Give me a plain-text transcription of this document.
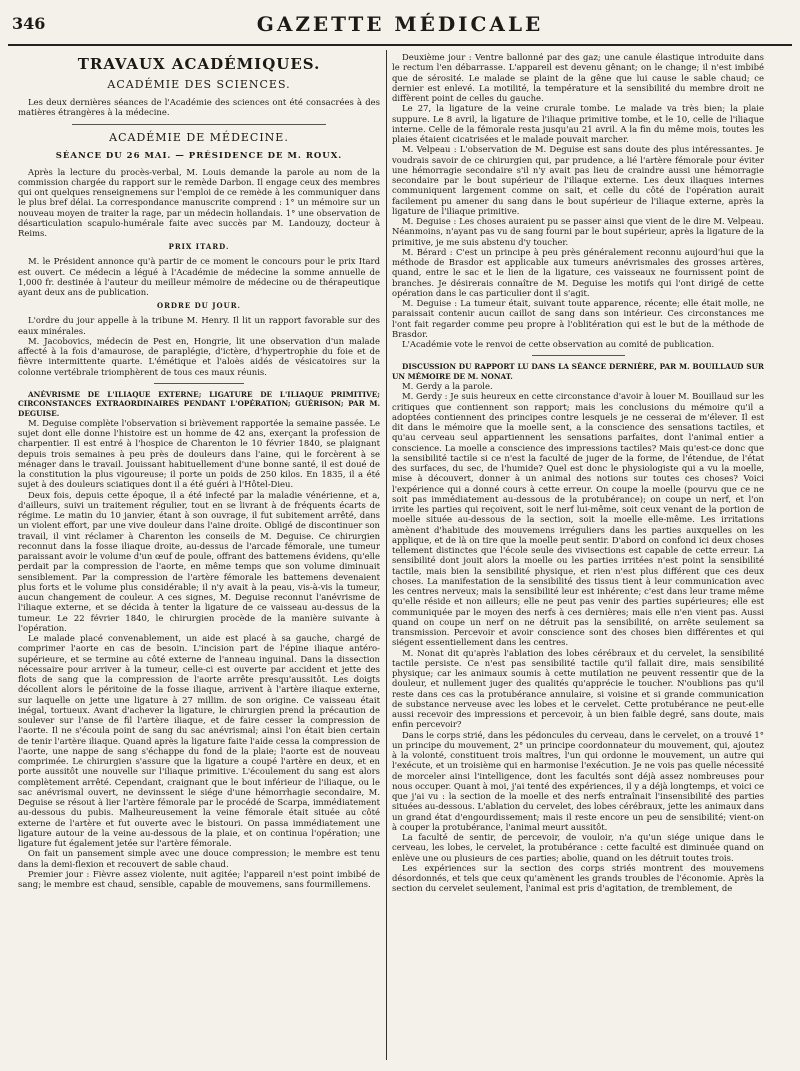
346	GAZETTE MÉDICALE
TRAVAUX ACADÉMIQUES.
ACADÉMIE DES SCIENCES.

Les deux dernières séances de l'Académie des sciences ont été consacrées à des matières étrangères à la médecine.

ACADÉMIE DE MÉDECINE.
SÉANCE DU 26 MAI. — PRÉSIDENCE DE M. ROUX.

Après la lecture du procès-verbal, M. Louis demande la parole au nom de la commission chargée du rapport sur le remède Darbon. Il engage ceux des membres qui ont quelques renseignemens sur l'emploi de ce remède à les communiquer dans le plus bref délai. La correspondance manuscrite comprend : 1° un mémoire sur un nouveau moyen de traiter la rage, par un médecin hollandais. 1° une observation de désarticulation scapulo-humérale faite avec succès par M. Landouzy, docteur à Reims.

PRIX ITARD.

M. le Président annonce qu'à partir de ce moment le concours pour le prix Itard est ouvert. Ce médecin a légué à l'Académie de médecine la somme annuelle de 1,000 fr. destinée à l'auteur du meilleur mémoire de médecine ou de thérapeutique ayant deux ans de publication.

ORDRE DU JOUR.

L'ordre du jour appelle à la tribune M. Henry. Il lit un rapport favorable sur des eaux minérales.

M. Jacobovics, médecin de Pest en, Hongrie, lit une observation d'un malade affecté à la fois d'amaurose, de paraplégie, d'ictère, d'hypertrophie du foie et de fièvre intermittente quarte. L'émétique et l'aloès aidés de vésicatoires sur la colonne vertébrale triomphèrent de tous ces maux réunis.

ANÉVRISME DE L'ILIAQUE EXTERNE; LIGATURE DE L'ILIAQUE PRIMITIVE; CIRCONSTANCES EXTRAORDINAIRES PENDANT L'OPÉRATION; GUÉRISON; PAR M. DEGUISE.

M. Deguise complète l'observation si brièvement rapportée la semaine passée. Le sujet dont elle donne l'histoire est un homme de 42 ans, exerçant la profession de charpentier. Il est entré à l'hospice de Charenton le 10 février 1840, se plaignant depuis trois semaines à peu près de douleurs dans l'aine, qui le forcèrent à se ménager dans le travail. Jouissant habituellement d'une bonne santé, il est doué de la constitution la plus vigoureuse; il porte un poids de 250 kilos. En 1835, il a été sujet à des douleurs sciatiques dont il a été guéri à l'Hôtel-Dieu.

Deux fois, depuis cette époque, il a été infecté par la maladie vénérienne, et a, d'ailleurs, suivi un traitement régulier, tout en se livrant à de fréquents écarts de régime. Le matin du 10 janvier, étant à son ouvrage, il fut subitement arrêté, dans un violent effort, par une vive douleur dans l'aine droite. Obligé de discontinuer son travail, il vint réclamer à Charenton les conseils de M. Deguise. Ce chirurgien reconnut dans la fosse iliaque droite, au-dessus de l'arcade fémorale, une tumeur paraissant avoir le volume d'un œuf de poule, offrant des battemens évidens, qu'elle perdait par la compression de l'aorte, en même temps que son volume diminuait sensiblement. Par la compression de l'artère fémorale les battemens devenaient plus forts et le volume plus considérable; il n'y avait à la peau, vis-à-vis la tumeur, aucun changement de couleur. A ces signes, M. Deguise reconnut l'anévrisme de l'iliaque externe, et se décida à tenter la ligature de ce vaisseau au-dessus de la tumeur. Le 22 février 1840, le chirurgien procède de la manière suivante à l'opération.

Le malade placé convenablement, un aide est placé à sa gauche, chargé de comprimer l'aorte en cas de besoin. L'incision part de l'épine iliaque antéro-supérieure, et se termine au côté externe de l'anneau inguinal. Dans la dissection nécessaire pour arriver à la tumeur, celle-ci est ouverte par accident et jette des flots de sang que la compression de l'aorte arrête presqu'aussitôt. Les doigts décollent alors le péritoine de la fosse iliaque, arrivent à l'artère iliaque externe, sur laquelle on jette une ligature à 27 millim. de son origine. Ce vaisseau était inégal, tortueux. Avant d'achever la ligature, le chirurgien prend la précaution de soulever sur l'anse de fil l'artère iliaque, et de faire cesser la compression de l'aorte. Il ne s'écoula point de sang du sac anévrismal; ainsi l'on était bien certain de tenir l'artère iliaque. Quand après la ligature faite l'aide cessa la compression de l'aorte, une nappe de sang s'échappe du fond de la plaie; l'aorte est de nouveau comprimée. Le chirurgien s'assure que la ligature a coupé l'artère en deux, et en porte aussitôt une nouvelle sur l'iliaque primitive. L'écoulement du sang est alors complètement arrêté. Cependant, craignant que le bout inférieur de l'iliaque, ou le sac anévrismal ouvert, ne devinssent le siége d'une hémorrhagie secondaire, M. Deguise se résout à lier l'artère fémorale par le procédé de Scarpa, immédiatement au-dessous du pubis. Malheureusement la veine fémorale était située au côté externe de l'artère et fut ouverte avec le bistouri. On passa immédiatement une ligature autour de la veine au-dessous de la plaie, et on continua l'opération; une ligature fut également jetée sur l'artère fémorale.

On fait un pansement simple avec une douce compression; le membre est tenu dans la demi-flexion et recouvert de sable chaud.

Premier jour : Fièvre assez violente, nuit agitée; l'appareil n'est point imbibé de sang; le membre est chaud, sensible, capable de mouvemens, sans fourmillemens.

Deuxième jour : Ventre ballonné par des gaz; une canule élastique introduite dans le rectum l'en débarrasse. L'appareil est devenu gênant; on le change; il n'est imbibé que de sérosité. Le malade se plaint de la gêne que lui cause le sable chaud; ce dernier est enlevé. La motilité, la température et la sensibilité du membre droit ne diffèrent point de celles du gauche.

Le 27, la ligature de la veine crurale tombe. Le malade va très bien; la plaie suppure. Le 8 avril, la ligature de l'iliaque primitive tombe, et le 10, celle de l'iliaque interne. Celle de la fémorale resta jusqu'au 21 avril. A la fin du même mois, toutes les plaies étaient cicatrisées et le malade pouvait marcher.

M. Velpeau : L'observation de M. Deguise est sans doute des plus intéressantes. Je voudrais savoir de ce chirurgien qui, par prudence, a lié l'artère fémorale pour éviter une hémorragie secondaire s'il n'y avait pas lieu de craindre aussi une hémorragie secondaire par le bout supérieur de l'iliaque externe. Les deux iliaques internes communiquent largement comme on sait, et celle du côté de l'opération aurait facilement pu amener du sang dans le bout supérieur de l'iliaque externe, après la ligature de l'iliaque primitive.

M. Deguise : Les choses auraient pu se passer ainsi que vient de le dire M. Velpeau. Néanmoins, n'ayant pas vu de sang fourni par le bout supérieur, après la ligature de la primitive, je me suis abstenu d'y toucher.

M. Bérard : C'est un principe à peu près généralement reconnu aujourd'hui que la méthode de Brasdor est applicable aux tumeurs anévrismales des grosses artères, quand, entre le sac et le lien de la ligature, ces vaisseaux ne fournissent point de branches. Je désirerais connaître de M. Deguise les motifs qui l'ont dirigé de cette opération dans le cas particulier dont il s'agit.

M. Deguise : La tumeur était, suivant toute apparence, récente; elle était molle, ne paraissait contenir aucun caillot de sang dans son intérieur. Ces circonstances me l'ont fait regarder comme peu propre à l'oblitération qui est le but de la méthode de Brasdor.

L'Académie vote le renvoi de cette observation au comité de publication.

DISCUSSION DU RAPPORT LU DANS LA SÉANCE DERNIÈRE, PAR M. BOUILLAUD SUR UN MÉMOIRE DE M. NONAT.

M. Gerdy a la parole.

M. Gerdy : Je suis heureux en cette circonstance d'avoir à louer M. Bouillaud sur les critiques que contiennent son rapport; mais les conclusions du mémoire qu'il a adoptées contiennent des principes contre lesquels je ne cesserai de m'élever. Il est dit dans le mémoire que la moelle sent, a la conscience des sensations tactiles, et qu'au cerveau seul appartiennent les sensations parfaites, dont l'animal entier a conscience. La moelle a conscience des impressions tactiles? Mais qu'est-ce donc que la sensibilité tactile si ce n'est la faculté de juger de la forme, de l'étendue, de l'état des surfaces, du sec, de l'humide? Quel est donc le physiologiste qui a vu la moelle, mise à découvert, donner à un animal des notions sur toutes ces choses? Voici l'expérience qui a donné cours à cette erreur. On coupe la moelle (pourvu que ce ne soit pas immédiatement au-dessous de la protubérance); on coupe un nerf, et l'on irrite les parties qui reçoivent, soit le nerf lui-même, soit ceux venant de la portion de moelle située au-dessous de la section, soit la moelle elle-même. Les irritations amènent d'habitude des mouvemens irréguliers dans les parties auxquelles on les applique, et de là on tire que la moelle peut sentir. D'abord on confond ici deux choses tellement distinctes que l'école seule des vivisections est capable de cette erreur. La sensibilité dont jouit alors la moelle ou les parties irritées n'est point la sensibilité tactile, mais bien la sensibilité physique, et rien n'est plus différent que ces deux choses. La manifestation de la sensibilité des tissus tient à leur communication avec les centres nerveux; mais la sensibilité leur est inhérente; c'est dans leur trame même qu'elle réside et non ailleurs; elle ne peut pas venir des parties supérieures; elle est communiquée par le moyen des nerfs à ces dernières; mais elle n'en vient pas. Aussi quand on coupe un nerf on ne détruit pas la sensibilité, on arrête seulement sa transmission. Percevoir et avoir conscience sont des choses bien différentes et qui siégent essentiellement dans les centres.

M. Nonat dit qu'après l'ablation des lobes cérébraux et du cervelet, la sensibilité tactile persiste. Ce n'est pas sensibilité tactile qu'il fallait dire, mais sensibilité physique; car les animaux soumis à cette mutilation ne peuvent ressentir que de la douleur, et nullement juger des qualités qu'apprécie le toucher. N'oublions pas qu'il reste dans ces cas la protubérance annulaire, si voisine et si grande communication de substance nerveuse avec les lobes et le cervelet. Cette protubérance ne peut-elle aussi recevoir des impressions et percevoir, à un bien faible degré, sans doute, mais enfin percevoir?

Dans le corps strié, dans les pédoncules du cerveau, dans le cervelet, on a trouvé 1° un principe du mouvement, 2° un principe coordonnateur du mouvement, qui, ajoutez à la volonté, constituent trois maîtres, l'un qui ordonne le mouvement, un autre qui l'exécute, et un troisième qui en harmonise l'exécution. Je ne vois pas quelle nécessité de morceler ainsi l'intelligence, dont les facultés sont déjà assez nombreuses pour nous occuper. Quant à moi, j'ai tenté des expériences, il y a déjà longtemps, et voici ce que j'ai vu : la section de la moelle et des nerfs entraînait l'insensibilité des parties situées au-dessous. L'ablation du cervelet, des lobes cérébraux, jette les animaux dans un grand état d'engourdissement; mais il reste encore un peu de sensibilité; vient-on à couper la protubérance, l'animal meurt aussitôt.

La faculté de sentir, de percevoir, de vouloir, n'a qu'un siége unique dans le cerveau, les lobes, le cervelet, la protubérance : cette faculté est diminuée quand on enlève une ou plusieurs de ces parties; abolie, quand on les détruit toutes trois.

Les expériences sur la section des corps striés montrent des mouvemens désordonnés, et tels que ceux qu'amènent les grands troubles de l'économie. Après la section du cervelet seulement, l'animal est pris d'agitation, de tremblement, de
